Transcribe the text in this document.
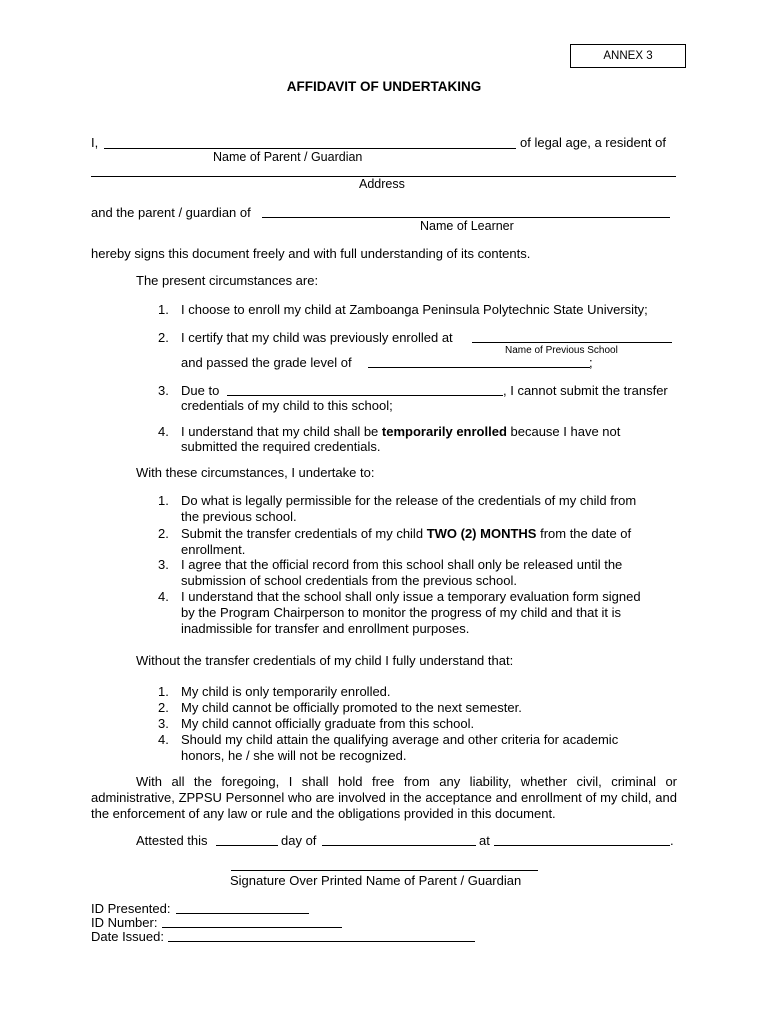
ANNEX 3
AFFIDAVIT OF UNDERTAKING
I,	of legal age, a resident of
Name of Parent / Guardian
Address
and the parent / guardian of
Name of Learner
hereby signs this document freely and with full understanding of its contents.
The present circumstances are:
1. I choose to enroll my child at Zamboanga Peninsula Polytechnic State University;
2. I certify that my child was previously enrolled at
Name of Previous School
and passed the grade level of	;
3. Due to	, I cannot submit the transfer
credentials of my child to this school;
4. I understand that my child shall be temporarily enrolled because I have not
submitted the required credentials.
With these circumstances, I undertake to:
1. Do what is legally permissible for the release of the credentials of my child from
the previous school.
2. Submit the transfer credentials of my child TWO (2) MONTHS from the date of
enrollment.
3. I agree that the official record from this school shall only be released until the
submission of school credentials from the previous school.
4. I understand that the school shall only issue a temporary evaluation form signed
by the Program Chairperson to monitor the progress of my child and that it is
inadmissible for transfer and enrollment purposes.
Without the transfer credentials of my child I fully understand that:
1. My child is only temporarily enrolled.
2. My child cannot be officially promoted to the next semester.
3. My child cannot officially graduate from this school.
4. Should my child attain the qualifying average and other criteria for academic
honors, he / she will not be recognized.
With all the foregoing, I shall hold free from any liability, whether civil, criminal or administrative, ZPPSU Personnel who are involved in the acceptance and enrollment of my child, and the enforcement of any law or rule and the obligations provided in this document.
Attested this	day of	at	.
Signature Over Printed Name of Parent / Guardian
ID Presented:
ID Number:
Date Issued:
